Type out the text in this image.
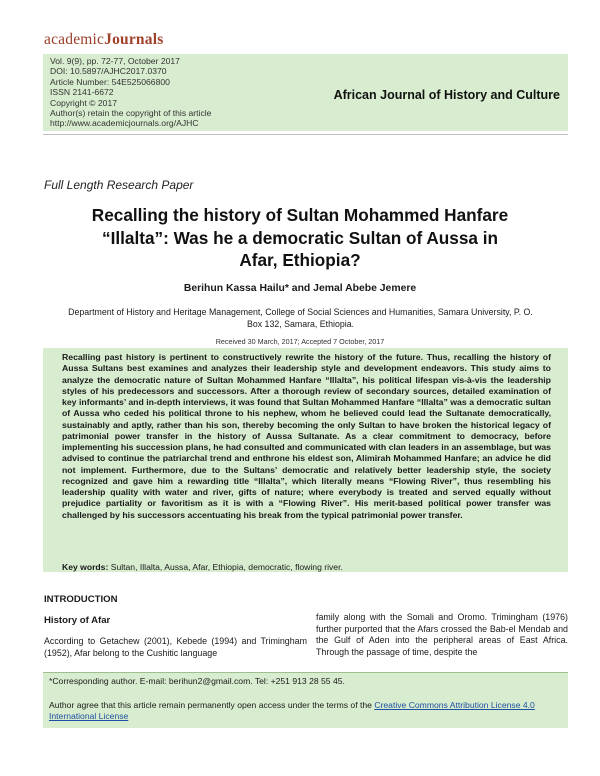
academicJournals
Vol. 9(9), pp. 72-77, October 2017
DOI: 10.5897/AJHC2017.0370
Article Number: 54E525066800
ISSN 2141-6672
Copyright © 2017
Author(s) retain the copyright of this article
http://www.academicjournals.org/AJHC
African Journal of History and Culture
Full Length Research Paper
Recalling the history of Sultan Mohammed Hanfare
“Illalta”: Was he a democratic Sultan of Aussa in
Afar, Ethiopia?
Berihun Kassa Hailu* and Jemal Abebe Jemere
Department of History and Heritage Management, College of Social Sciences and Humanities, Samara University, P. O.
Box 132, Samara, Ethiopia.
Received 30 March, 2017; Accepted 7 October, 2017
Recalling past history is pertinent to constructively rewrite the history of the future. Thus, recalling the history of Aussa Sultans best examines and analyzes their leadership style and development endeavors. This study aims to analyze the democratic nature of Sultan Mohammed Hanfare “Illalta”, his political lifespan vis-à-vis the leadership styles of his predecessors and successors. After a thorough review of secondary sources, detailed examination of key informants’ and in-depth interviews, it was found that Sultan Mohammed Hanfare “Illalta” was a democratic sultan of Aussa who ceded his political throne to his nephew, whom he believed could lead the Sultanate democratically, sustainably and aptly, rather than his son, thereby becoming the only Sultan to have broken the historical legacy of patrimonial power transfer in the history of Aussa Sultanate. As a clear commitment to democracy, before implementing his succession plans, he had consulted and communicated with clan leaders in an assemblage, but was advised to continue the patriarchal trend and enthrone his eldest son, Alimirah Mohammed Hanfare; an advice he did not implement. Furthermore, due to the Sultans’ democratic and relatively better leadership style, the society recognized and gave him a rewarding title “Illalta”, which literally means “Flowing River”, thus resembling his leadership quality with water and river, gifts of nature; where everybody is treated and served equally without prejudice partiality or favoritism as it is with a “Flowing River”. His merit-based political power transfer was challenged by his successors accentuating his break from the typical patrimonial power transfer.
Key words: Sultan, Illalta, Aussa, Afar, Ethiopia, democratic, flowing river.
INTRODUCTION
History of Afar
According to Getachew (2001), Kebede (1994) and Trimingham (1952), Afar belong to the Cushitic language
family along with the Somali and Oromo. Trimingham (1976) further purported that the Afars crossed the Bab-el Mendab and the Gulf of Aden into the peripheral areas of East Africa. Through the passage of time, despite the
*Corresponding author. E-mail: berihun2@gmail.com. Tel: +251 913 28 55 45.
Author agree that this article remain permanently open access under the terms of the Creative Commons Attribution License 4.0 International License
